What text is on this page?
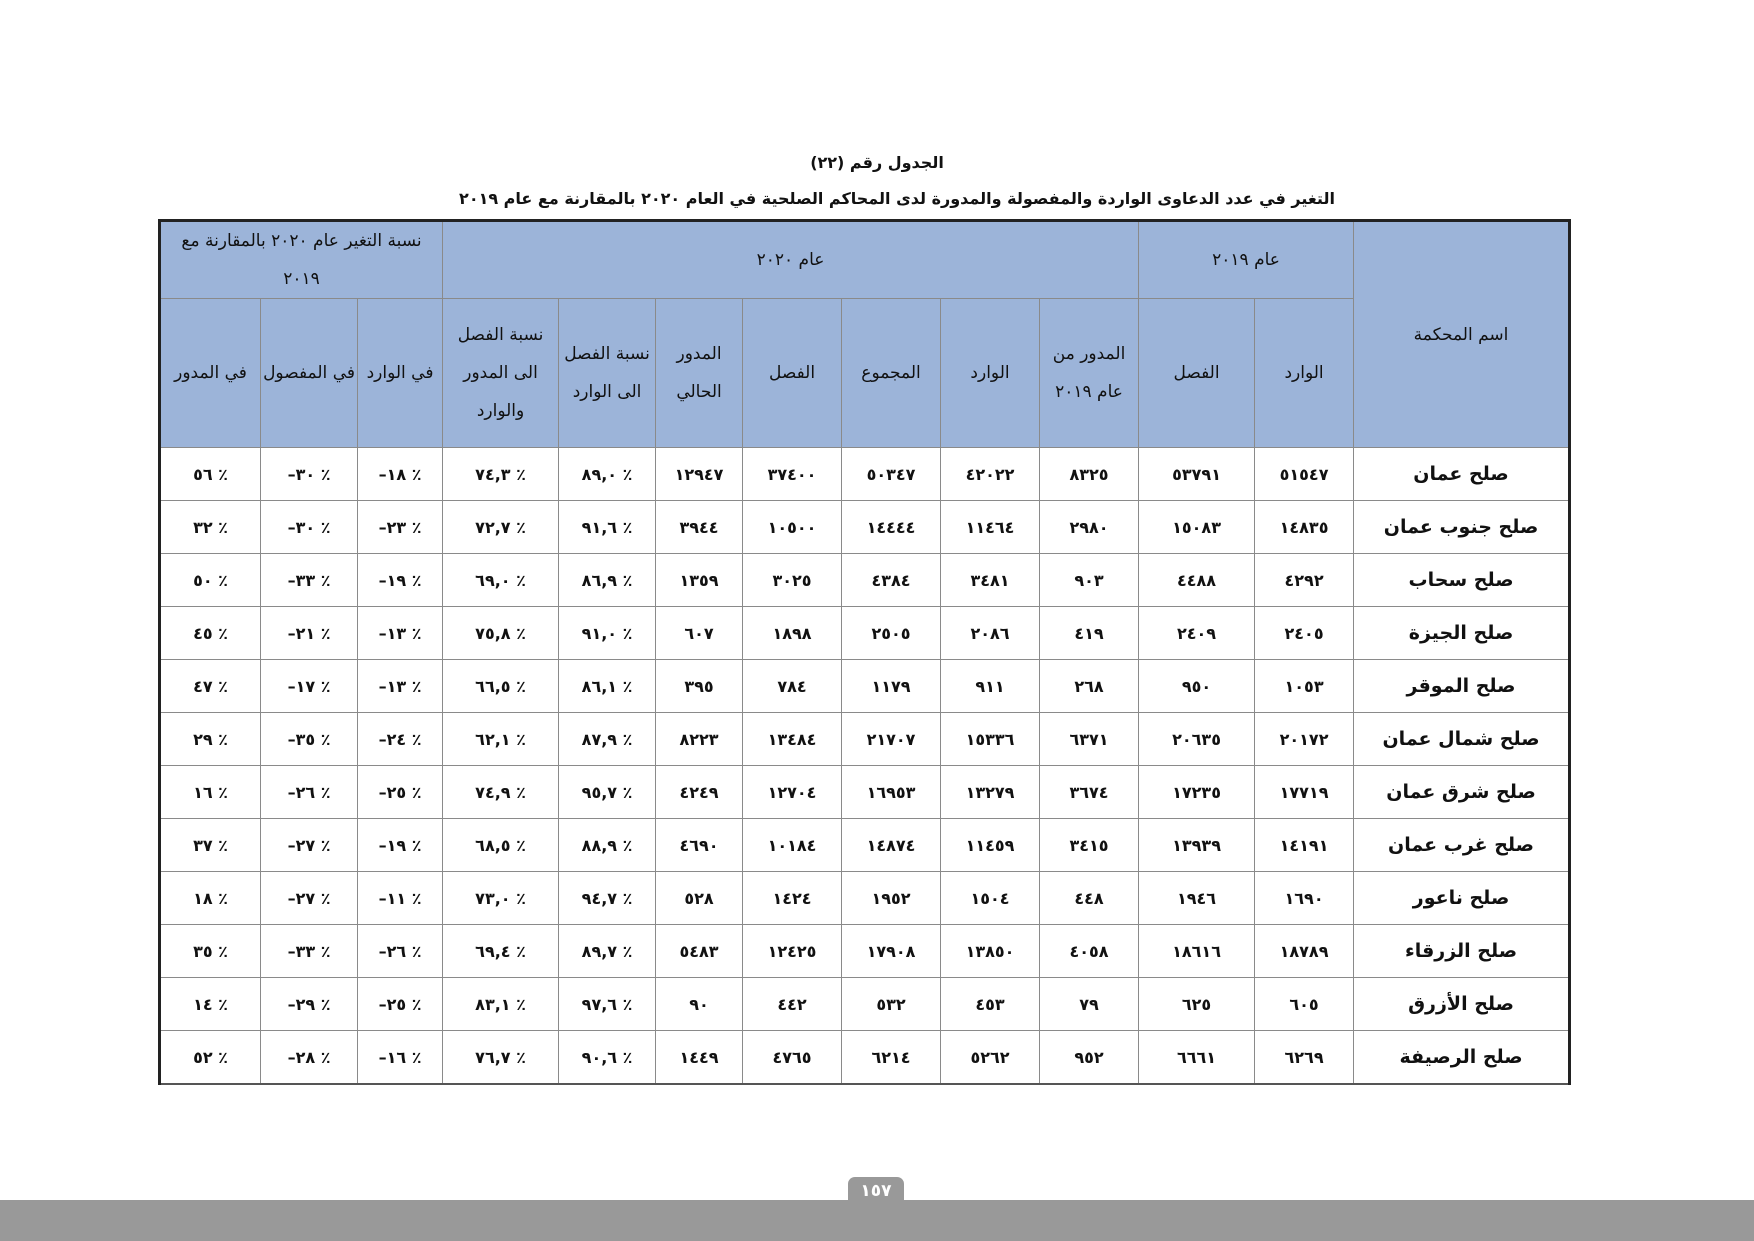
الجدول رقم (٢٢)
التغير في عدد الدعاوى الواردة والمفصولة والمدورة لدى المحاكم الصلحية في العام ٢٠٢٠ بالمقارنة مع عام ٢٠١٩
اسم المحكمة	عام ٢٠١٩		عام ٢٠٢٠							نسبة التغير عام ٢٠٢٠ بالمقارنة مع ٢٠١٩		
	الوارد	الفصل	المدور من عام ٢٠١٩	الوارد	المجموع	الفصل	المدور الحالي	نسبة الفصل الى الوارد	نسبة الفصل الى المدور والوارد	في الوارد	في المفصول	في المدور
صلح عمان	٥١٥٤٧	٥٣٧٩١	٨٣٢٥	٤٢٠٢٢	٥٠٣٤٧	٣٧٤٠٠	١٢٩٤٧	٪ ٨٩,٠	٪ ٧٤,٣	٪ ١٨–	٪ ٣٠–	٪ ٥٦
صلح جنوب عمان	١٤٨٣٥	١٥٠٨٣	٢٩٨٠	١١٤٦٤	١٤٤٤٤	١٠٥٠٠	٣٩٤٤	٪ ٩١,٦	٪ ٧٢,٧	٪ ٢٣–	٪ ٣٠–	٪ ٣٢
صلح سحاب	٤٢٩٢	٤٤٨٨	٩٠٣	٣٤٨١	٤٣٨٤	٣٠٢٥	١٣٥٩	٪ ٨٦,٩	٪ ٦٩,٠	٪ ١٩–	٪ ٣٣–	٪ ٥٠
صلح الجيزة	٢٤٠٥	٢٤٠٩	٤١٩	٢٠٨٦	٢٥٠٥	١٨٩٨	٦٠٧	٪ ٩١,٠	٪ ٧٥,٨	٪ ١٣–	٪ ٢١–	٪ ٤٥
صلح الموقر	١٠٥٣	٩٥٠	٢٦٨	٩١١	١١٧٩	٧٨٤	٣٩٥	٪ ٨٦,١	٪ ٦٦,٥	٪ ١٣–	٪ ١٧–	٪ ٤٧
صلح شمال عمان	٢٠١٧٢	٢٠٦٣٥	٦٣٧١	١٥٣٣٦	٢١٧٠٧	١٣٤٨٤	٨٢٢٣	٪ ٨٧,٩	٪ ٦٢,١	٪ ٢٤–	٪ ٣٥–	٪ ٢٩
صلح شرق عمان	١٧٧١٩	١٧٢٣٥	٣٦٧٤	١٣٢٧٩	١٦٩٥٣	١٢٧٠٤	٤٢٤٩	٪ ٩٥,٧	٪ ٧٤,٩	٪ ٢٥–	٪ ٢٦–	٪ ١٦
صلح غرب عمان	١٤١٩١	١٣٩٣٩	٣٤١٥	١١٤٥٩	١٤٨٧٤	١٠١٨٤	٤٦٩٠	٪ ٨٨,٩	٪ ٦٨,٥	٪ ١٩–	٪ ٢٧–	٪ ٣٧
صلح ناعور	١٦٩٠	١٩٤٦	٤٤٨	١٥٠٤	١٩٥٢	١٤٢٤	٥٢٨	٪ ٩٤,٧	٪ ٧٣,٠	٪ ١١–	٪ ٢٧–	٪ ١٨
صلح الزرقاء	١٨٧٨٩	١٨٦١٦	٤٠٥٨	١٣٨٥٠	١٧٩٠٨	١٢٤٢٥	٥٤٨٣	٪ ٨٩,٧	٪ ٦٩,٤	٪ ٢٦–	٪ ٣٣–	٪ ٣٥
صلح الأزرق	٦٠٥	٦٢٥	٧٩	٤٥٣	٥٣٢	٤٤٢	٩٠	٪ ٩٧,٦	٪ ٨٣,١	٪ ٢٥–	٪ ٢٩–	٪ ١٤
صلح الرصيفة	٦٢٦٩	٦٦٦١	٩٥٢	٥٢٦٢	٦٢١٤	٤٧٦٥	١٤٤٩	٪ ٩٠,٦	٪ ٧٦,٧	٪ ١٦–	٪ ٢٨–	٪ ٥٢
١٥٧
